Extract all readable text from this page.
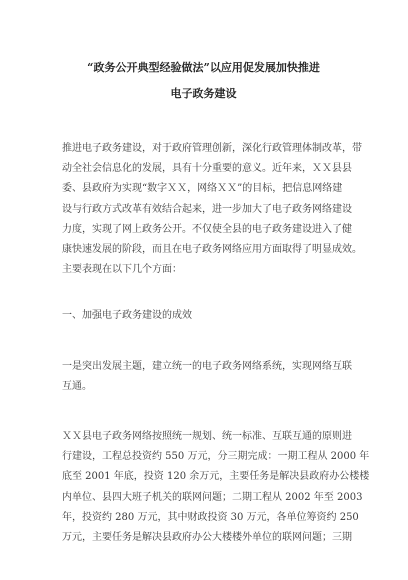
“政务公开典型经验做法”以应用促发展加快推进
电子政务建设

推进电子政务建设，对于政府管理创新，深化行政管理体制改革，带
动全社会信息化的发展，具有十分重要的意义。近年来，ＸＸ县县
委、县政府为实现“数字ＸＸ，网络ＸＸ”的目标，把信息网络建
设与行政方式改革有效结合起来，进一步加大了电子政务网络建设
力度，实现了网上政务公开。不仅使全县的电子政务建设进入了健
康快速发展的阶段，而且在电子政务网络应用方面取得了明显成效。
主要表现在以下几个方面：

一、加强电子政务建设的成效

一是突出发展主题，建立统一的电子政务网络系统，实现网络互联
互通。

ＸＸ县电子政务网络按照统一规划、统一标准、互联互通的原则进
行建设，工程总投资约 550 万元，分三期完成：一期工程从 2000 年
底至 2001 年底，投资 120 余万元，主要任务是解决县政府办公楼楼
内单位、县四大班子机关的联网问题；二期工程从 2002 年至 2003
年，投资约 280 万元，其中财政投资 30 万元，各单位筹资约 250
万元，主要任务是解决县政府办公大楼楼外单位的联网问题；三期
